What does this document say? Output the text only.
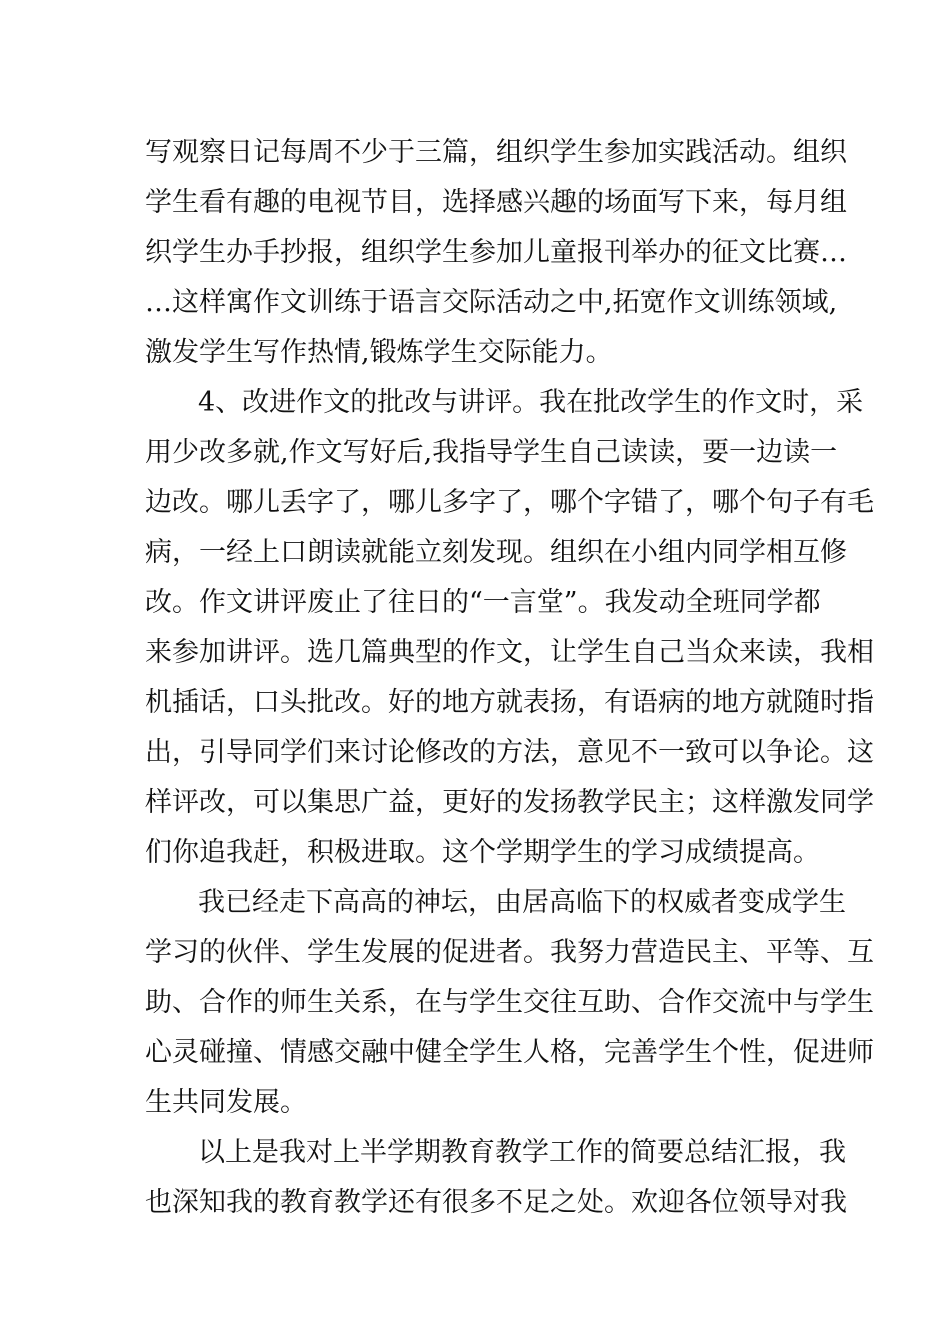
写观察日记每周不少于三篇，组织学生参加实践活动。组织
学生看有趣的电视节目，选择感兴趣的场面写下来，每月组
织学生办手抄报，组织学生参加儿童报刊举办的征文比赛…
…这样寓作文训练于语言交际活动之中,拓宽作文训练领域,
激发学生写作热情,锻炼学生交际能力。
4、改进作文的批改与讲评。我在批改学生的作文时，采
用少改多就,作文写好后,我指导学生自己读读，要一边读一
边改。哪儿丢字了，哪儿多字了，哪个字错了，哪个句子有毛
病，一经上口朗读就能立刻发现。组织在小组内同学相互修
改。作文讲评废止了往日的“一言堂”。我发动全班同学都
来参加讲评。选几篇典型的作文，让学生自己当众来读，我相
机插话，口头批改。好的地方就表扬，有语病的地方就随时指
出，引导同学们来讨论修改的方法，意见不一致可以争论。这
样评改，可以集思广益，更好的发扬教学民主；这样激发同学
们你追我赶，积极进取。这个学期学生的学习成绩提高。
我已经走下高高的神坛，由居高临下的权威者变成学生
学习的伙伴、学生发展的促进者。我努力营造民主、平等、互
助、合作的师生关系，在与学生交往互助、合作交流中与学生
心灵碰撞、情感交融中健全学生人格，完善学生个性，促进师
生共同发展。
以上是我对上半学期教育教学工作的简要总结汇报，我
也深知我的教育教学还有很多不足之处。欢迎各位领导对我
